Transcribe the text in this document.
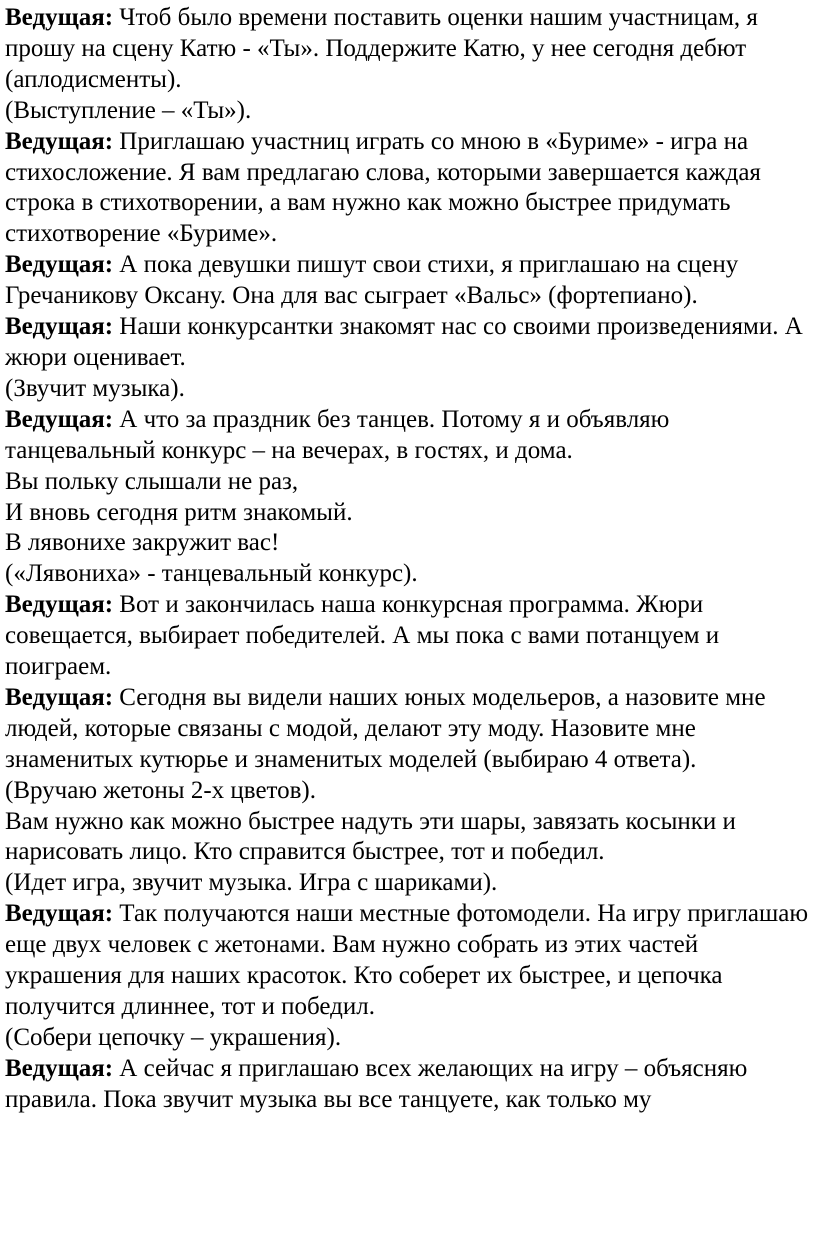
Ведущая: Чтоб было времени поставить оценки нашим участницам, я прошу на сцену Катю - «Ты». Поддержите Катю, у нее сегодня дебют (аплодисменты).

(Выступление – «Ты»).

Ведущая: Приглашаю участниц играть со мною в «Буриме» - игра на стихосложение. Я вам предлагаю слова, которыми завершается каждая строка в стихотворении, а вам нужно как можно быстрее придумать стихотворение «Буриме».

Ведущая: А пока девушки пишут свои стихи, я приглашаю на сцену Гречаникову Оксану. Она для вас сыграет «Вальс» (фортепиано).

Ведущая: Наши конкурсантки знакомят нас со своими произведениями. А жюри оценивает.

(Звучит музыка).

Ведущая: А что за праздник без танцев. Потому я и объявляю танцевальный конкурс – на вечерах, в гостях, и дома.

Вы польку слышали не раз,

И вновь сегодня ритм знакомый.

В лявонихе закружит вас!

(«Лявониха» - танцевальный конкурс).

Ведущая: Вот и закончилась наша конкурсная программа. Жюри совещается, выбирает победителей. А мы пока с вами потанцуем и поиграем.

Ведущая: Сегодня вы видели наших юных модельеров, а назовите мне людей, которые связаны с модой, делают эту моду. Назовите мне знаменитых кутюрье и знаменитых моделей (выбираю 4 ответа).

(Вручаю жетоны 2-х цветов).

Вам нужно как можно быстрее надуть эти шары, завязать косынки и нарисовать лицо. Кто справится быстрее, тот и победил.

(Идет игра, звучит музыка. Игра с шариками).

Ведущая: Так получаются наши местные фотомодели. На игру приглашаю еще двух человек с жетонами. Вам нужно собрать из этих частей украшения для наших красоток. Кто соберет их быстрее, и цепочка получится длиннее, тот и победил.

(Собери цепочку – украшения).

Ведущая: А сейчас я приглашаю всех желающих на игру – объясняю правила. Пока звучит музыка вы все танцуете, как только му
